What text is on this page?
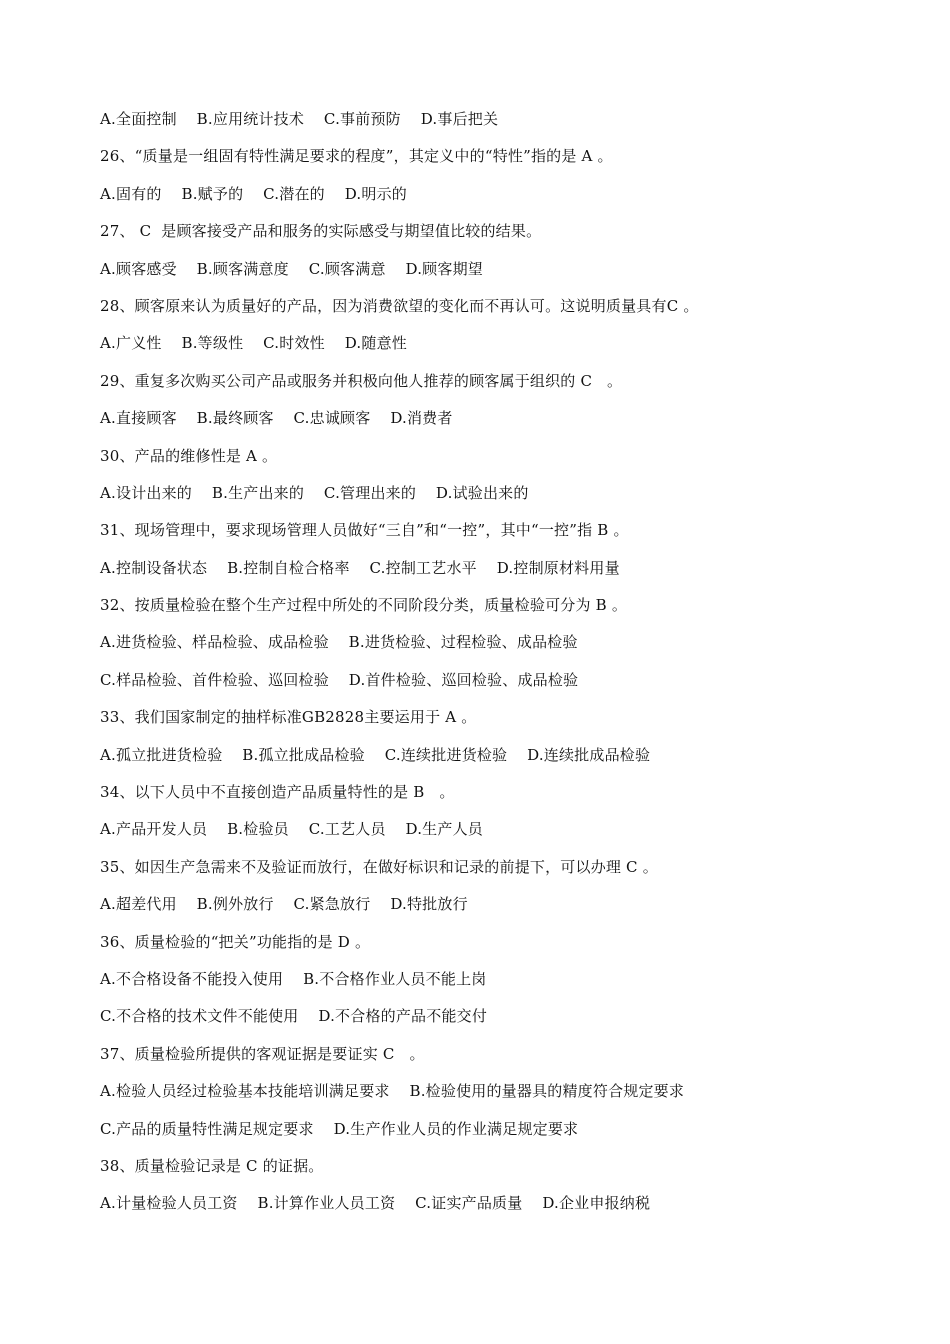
A.全面控制    B.应用统计技术    C.事前预防    D.事后把关
26、“质量是一组固有特性满足要求的程度”，其定义中的“特性”指的是 A 。
A.固有的    B.赋予的    C.潜在的    D.明示的
27、 C  是顾客接受产品和服务的实际感受与期望值比较的结果。
A.顾客感受    B.顾客满意度    C.顾客满意    D.顾客期望
28、顾客原来认为质量好的产品，因为消费欲望的变化而不再认可。这说明质量具有C 。
A.广义性    B.等级性    C.时效性    D.随意性
29、重复多次购买公司产品或服务并积极向他人推荐的顾客属于组织的 C   。
A.直接顾客    B.最终顾客    C.忠诚顾客    D.消费者
30、产品的维修性是 A 。
A.设计出来的    B.生产出来的    C.管理出来的    D.试验出来的
31、现场管理中，要求现场管理人员做好“三自”和“一控”，其中“一控”指 B 。
A.控制设备状态    B.控制自检合格率    C.控制工艺水平    D.控制原材料用量
32、按质量检验在整个生产过程中所处的不同阶段分类，质量检验可分为 B 。
A.进货检验、样品检验、成品检验    B.进货检验、过程检验、成品检验
C.样品检验、首件检验、巡回检验    D.首件检验、巡回检验、成品检验
33、我们国家制定的抽样标准GB2828主要运用于 A 。
A.孤立批进货检验    B.孤立批成品检验    C.连续批进货检验    D.连续批成品检验
34、以下人员中不直接创造产品质量特性的是 B   。
A.产品开发人员    B.检验员    C.工艺人员    D.生产人员
35、如因生产急需来不及验证而放行，在做好标识和记录的前提下，可以办理 C 。
A.超差代用    B.例外放行    C.紧急放行    D.特批放行
36、质量检验的“把关”功能指的是 D 。
A.不合格设备不能投入使用    B.不合格作业人员不能上岗
C.不合格的技术文件不能使用    D.不合格的产品不能交付
37、质量检验所提供的客观证据是要证实 C   。
A.检验人员经过检验基本技能培训满足要求    B.检验使用的量器具的精度符合规定要求
C.产品的质量特性满足规定要求    D.生产作业人员的作业满足规定要求
38、质量检验记录是 C 的证据。
A.计量检验人员工资    B.计算作业人员工资    C.证实产品质量    D.企业申报纳税
